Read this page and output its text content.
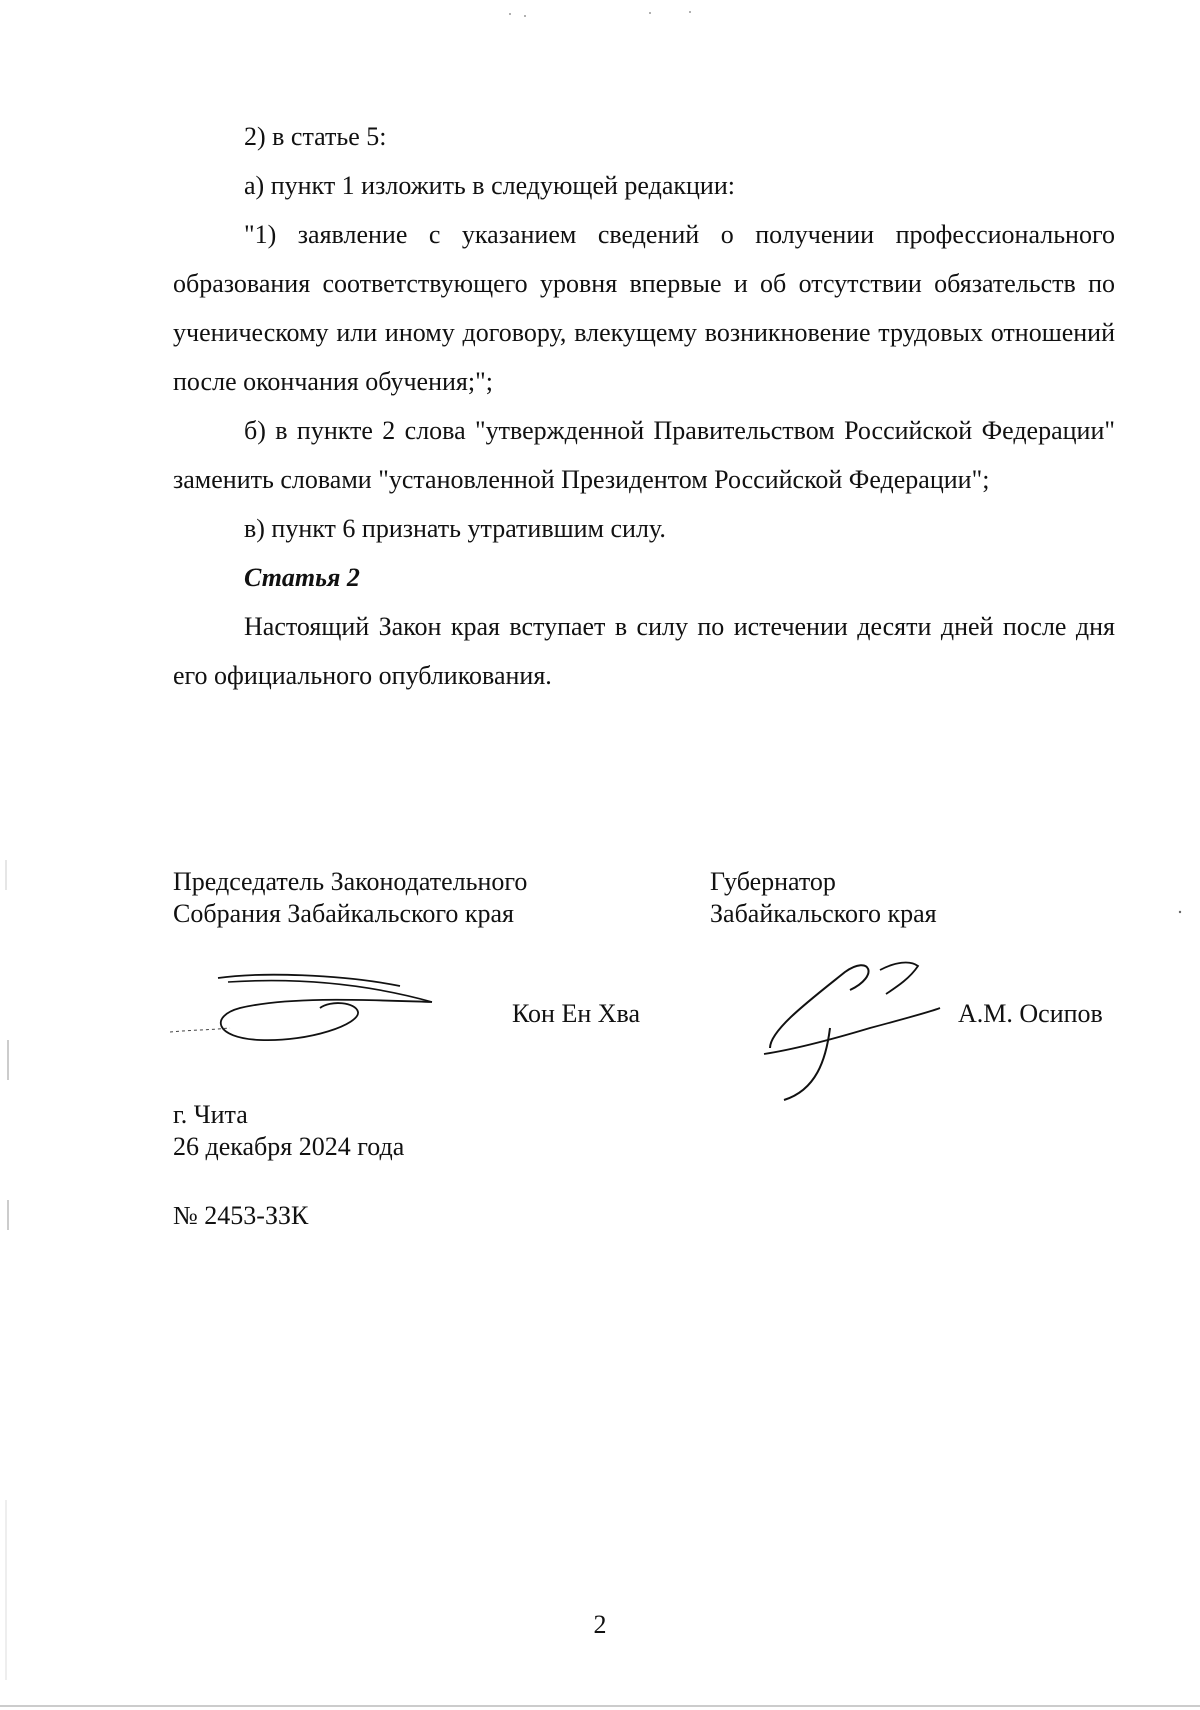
2) в статье 5:

а) пункт 1 изложить в следующей редакции:

"1) заявление с указанием сведений о получении профессионального образования соответствующего уровня впервые и об отсутствии обязательств по ученическому или иному договору, влекущему возникновение трудовых отношений после окончания обучения;";

б) в пункте 2 слова "утвержденной Правительством Российской Федерации" заменить словами "установленной Президентом Российской Федерации";

в) пункт 6 признать утратившим силу.

Статья 2

Настоящий Закон края вступает в силу по истечении десяти дней после дня его официального опубликования.

Председатель Законодательного
Собрания Забайкальского края
Губернатор
Забайкальского края
Кон Ен Хва	А.М. Осипов
г. Чита
26 декабря 2024 года
№ 2453-ЗЗК
2
